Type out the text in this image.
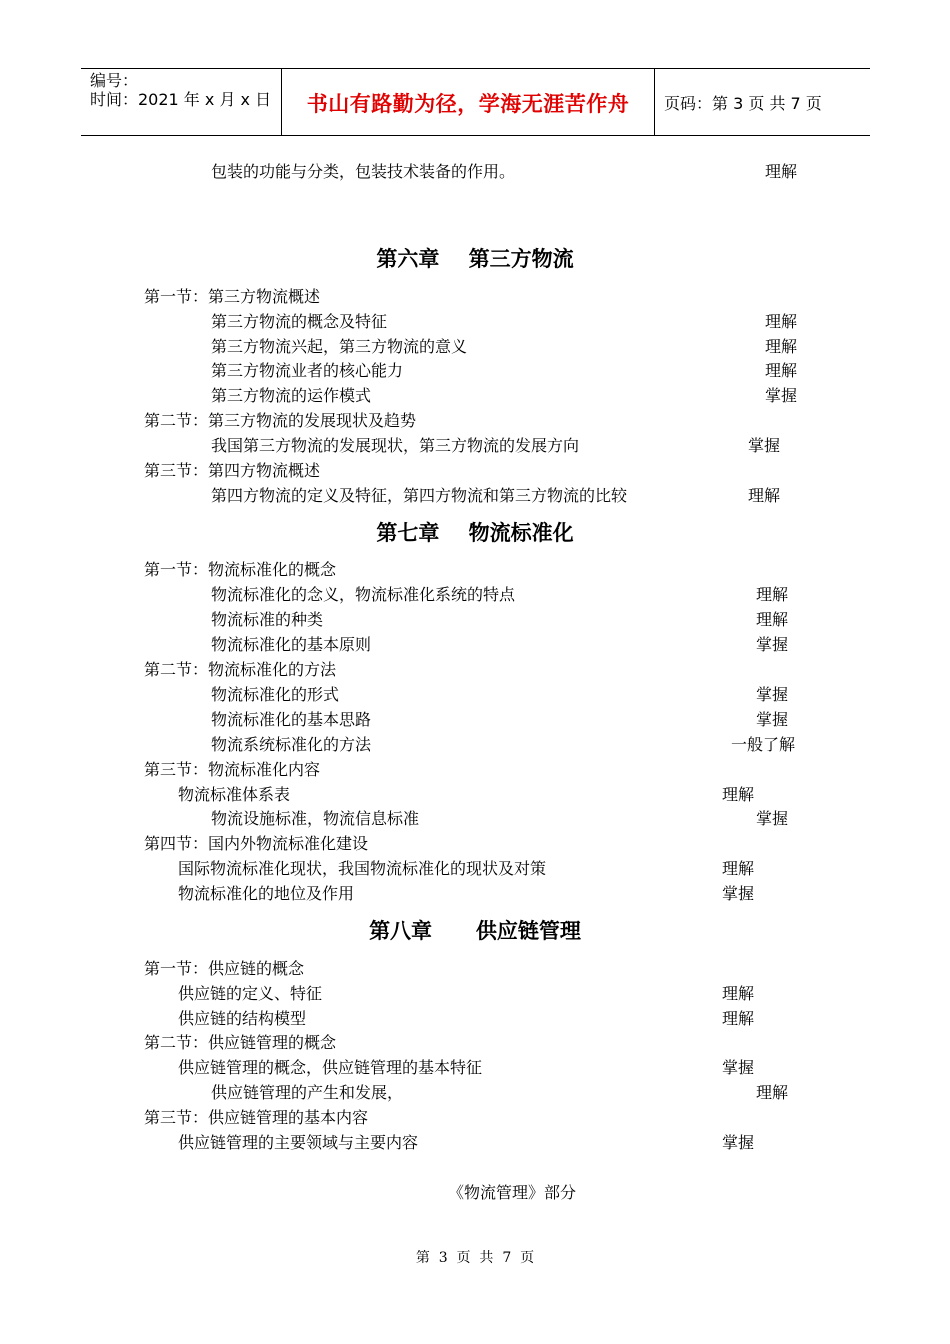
编号：
时间：2021 年 x 月 x 日	书山有路勤为径，学海无涯苦作舟	页码：第 3 页 共 7 页
包装的功能与分类，包装技术装备的作用。	理解
第六章    第三方物流
第一节：第三方物流概述
第三方物流的概念及特征	理解
第三方物流兴起，第三方物流的意义	理解
第三方物流业者的核心能力	理解
第三方物流的运作模式	掌握
第二节：第三方物流的发展现状及趋势
我国第三方物流的发展现状，第三方物流的发展方向	掌握
第三节：第四方物流概述
第四方物流的定义及特征，第四方物流和第三方物流的比较	理解
第七章    物流标准化
第一节：物流标准化的概念
物流标准化的念义，物流标准化系统的特点	理解
物流标准的种类	理解
物流标准化的基本原则	掌握
第二节：物流标准化的方法
物流标准化的形式	掌握
物流标准化的基本思路	掌握
物流系统标准化的方法	一般了解
第三节：物流标准化内容
物流标准体系表	理解
物流设施标准，物流信息标准	掌握
第四节：国内外物流标准化建设
国际物流标准化现状，我国物流标准化的现状及对策	理解
物流标准化的地位及作用	掌握
第八章      供应链管理
第一节：供应链的概念
供应链的定义、特征	理解
供应链的结构模型	理解
第二节：供应链管理的概念
供应链管理的概念，供应链管理的基本特征	掌握
供应链管理的产生和发展，	理解
第三节：供应链管理的基本内容
供应链管理的主要领域与主要内容	掌握
《物流管理》部分
第  3  页  共  7  页
